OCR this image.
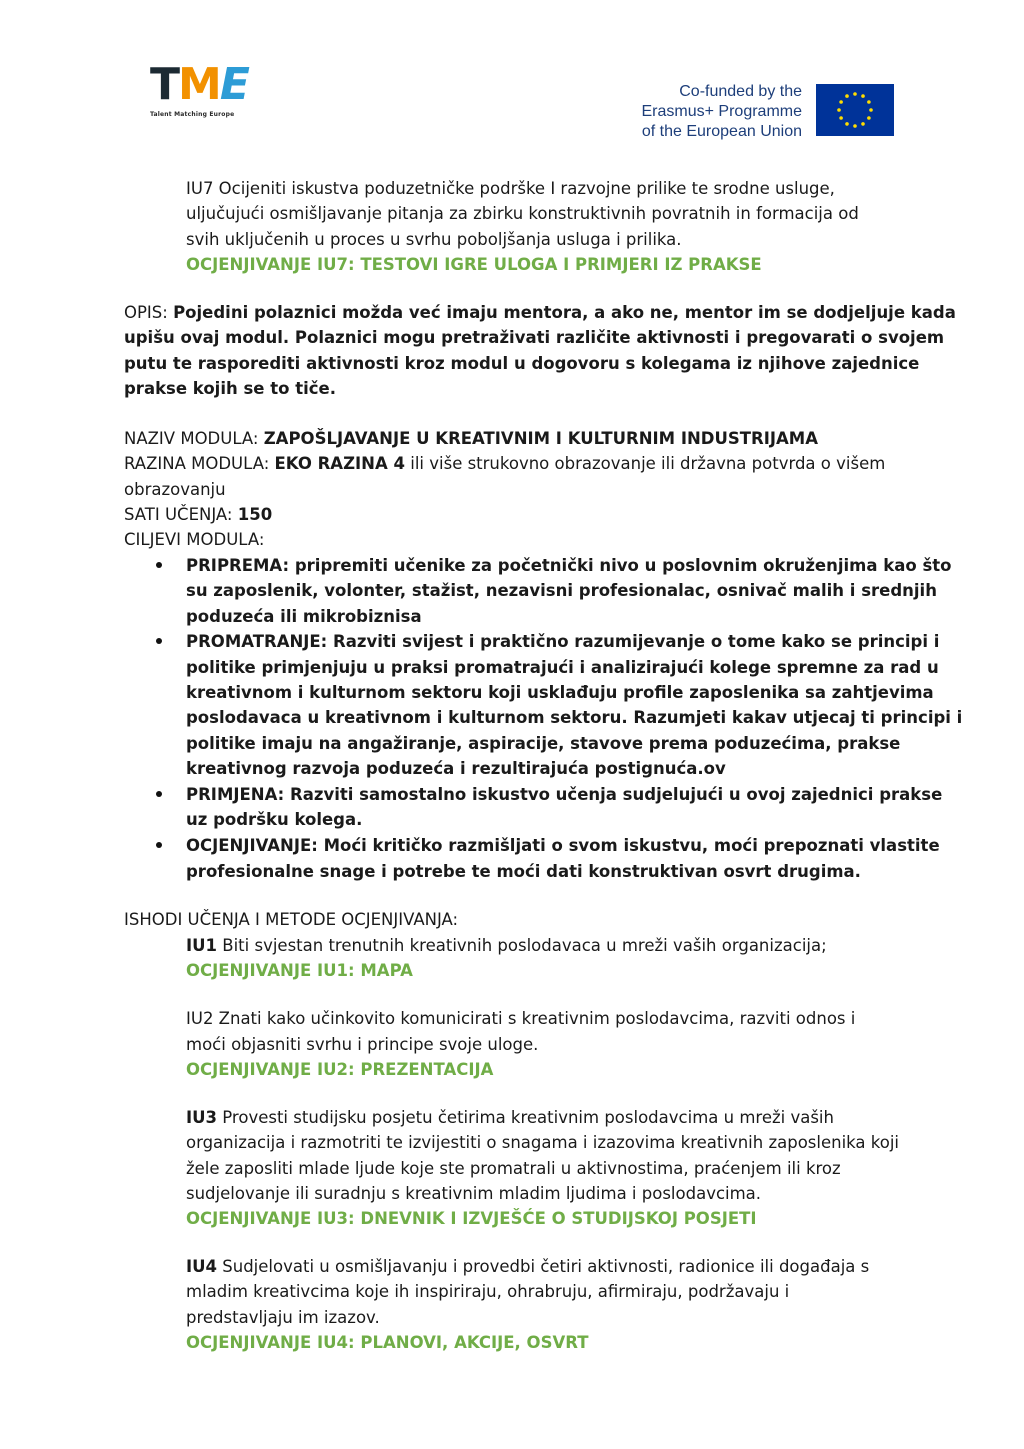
TME
Talent Matching Europe
Co-funded by the
Erasmus+ Programme
of the European Union
IU7 Ocijeniti iskustva poduzetničke podrške I razvojne prilike te srodne usluge,
uljučujući osmišljavanje pitanja za zbirku konstruktivnih povratnih in formacija od
svih uključenih u proces u svrhu poboljšanja usluga i prilika.
OCJENJIVANJE IU7: TESTOVI IGRE ULOGA I PRIMJERI IZ PRAKSE
OPIS: Pojedini polaznici možda već imaju mentora, a ako ne, mentor im se dodjeljuje kada
upišu ovaj modul. Polaznici mogu pretraživati različite aktivnosti i pregovarati o svojem
putu te rasporediti aktivnosti kroz modul u dogovoru s kolegama iz njihove zajednice
prakse kojih se to tiče.
NAZIV MODULA: ZAPOŠLJAVANJE U KREATIVNIM I KULTURNIM INDUSTRIJAMA
RAZINA MODULA: EKO RAZINA 4 ili više strukovno obrazovanje ili državna potvrda o višem
obrazovanju
SATI UČENJA: 150
CILJEVI MODULA:
PRIPREMA: pripremiti učenike za početnički nivo u poslovnim okruženjima kao što
su zaposlenik, volonter, stažist, nezavisni profesionalac, osnivač malih i srednjih
poduzeća ili mikrobiznisa
PROMATRANJE: Razviti svijest i praktično razumijevanje o tome kako se principi i
politike primjenjuju u praksi promatrajući i analizirajući kolege spremne za rad u
kreativnom i kulturnom sektoru koji usklađuju profile zaposlenika sa zahtjevima
poslodavaca u kreativnom i kulturnom sektoru. Razumjeti kakav utjecaj ti principi i
politike imaju na angažiranje, aspiracije, stavove prema poduzećima, prakse
kreativnog razvoja poduzeća i rezultirajuća postignuća.ov
PRIMJENA: Razviti samostalno iskustvo učenja sudjelujući u ovoj zajednici prakse
uz podršku kolega.
OCJENJIVANJE: Moći kritičko razmišljati o svom iskustvu, moći prepoznati vlastite
profesionalne snage i potrebe te moći dati konstruktivan osvrt drugima.
ISHODI UČENJA I METODE OCJENJIVANJA:
IU1 Biti svjestan trenutnih kreativnih poslodavaca u mreži vaših organizacija;
OCJENJIVANJE IU1: MAPA
IU2 Znati kako učinkovito komunicirati s kreativnim poslodavcima, razviti odnos i
moći objasniti svrhu i principe svoje uloge.
OCJENJIVANJE IU2: PREZENTACIJA
IU3 Provesti studijsku posjetu četirima kreativnim poslodavcima u mreži vaših
organizacija i razmotriti te izvijestiti o snagama i izazovima kreativnih zaposlenika koji
žele zaposliti mlade ljude koje ste promatrali u aktivnostima, praćenjem ili kroz
sudjelovanje ili suradnju s kreativnim mladim ljudima i poslodavcima.
OCJENJIVANJE IU3: DNEVNIK I IZVJEŠĆE O STUDIJSKOJ POSJETI
IU4 Sudjelovati u osmišljavanju i provedbi četiri aktivnosti, radionice ili događaja s
mladim kreativcima koje ih inspiriraju, ohrabruju, afirmiraju, podržavaju i
predstavljaju im izazov.
OCJENJIVANJE IU4: PLANOVI, AKCIJE, OSVRT
